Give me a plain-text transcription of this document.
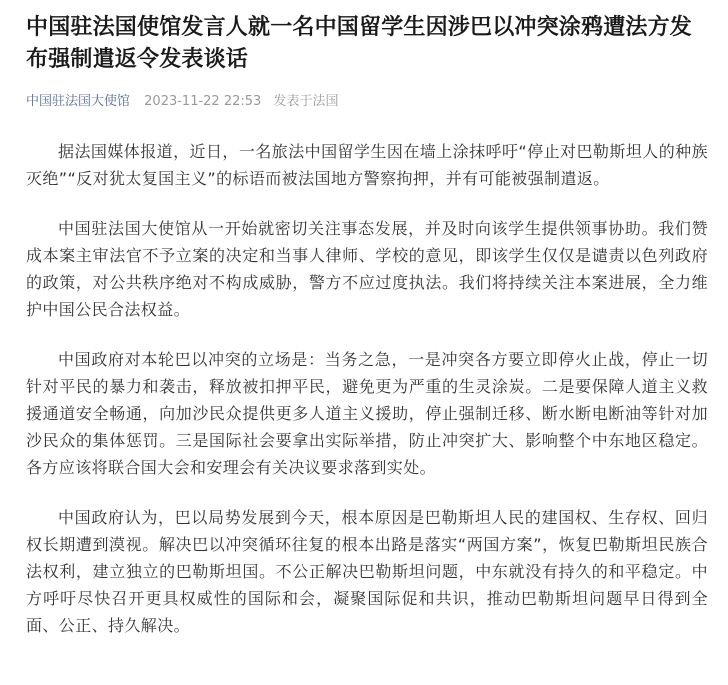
中国驻法国使馆发言人就一名中国留学生因涉巴以冲突涂鸦遭法方发布强制遣返令发表谈话
中国驻法国大使馆 2023-11-22 22:53 发表于法国

据法国媒体报道，近日，一名旅法中国留学生因在墙上涂抹呼吁“停止对巴勒斯坦人的种族灭绝”“反对犹太复国主义”的标语而被法国地方警察拘押，并有可能被强制遣返。

中国驻法国大使馆从一开始就密切关注事态发展，并及时向该学生提供领事协助。我们赞成本案主审法官不予立案的决定和当事人律师、学校的意见，即该学生仅仅是谴责以色列政府的政策，对公共秩序绝对不构成威胁，警方不应过度执法。我们将持续关注本案进展，全力维护中国公民合法权益。

中国政府对本轮巴以冲突的立场是：当务之急，一是冲突各方要立即停火止战，停止一切针对平民的暴力和袭击，释放被扣押平民，避免更为严重的生灵涂炭。二是要保障人道主义救援通道安全畅通，向加沙民众提供更多人道主义援助，停止强制迁移、断水断电断油等针对加沙民众的集体惩罚。三是国际社会要拿出实际举措，防止冲突扩大、影响整个中东地区稳定。各方应该将联合国大会和安理会有关决议要求落到实处。

中国政府认为，巴以局势发展到今天，根本原因是巴勒斯坦人民的建国权、生存权、回归权长期遭到漠视。解决巴以冲突循环往复的根本出路是落实“两国方案”，恢复巴勒斯坦民族合法权利，建立独立的巴勒斯坦国。不公正解决巴勒斯坦问题，中东就没有持久的和平稳定。中方呼吁尽快召开更具权威性的国际和会，凝聚国际促和共识，推动巴勒斯坦问题早日得到全面、公正、持久解决。
